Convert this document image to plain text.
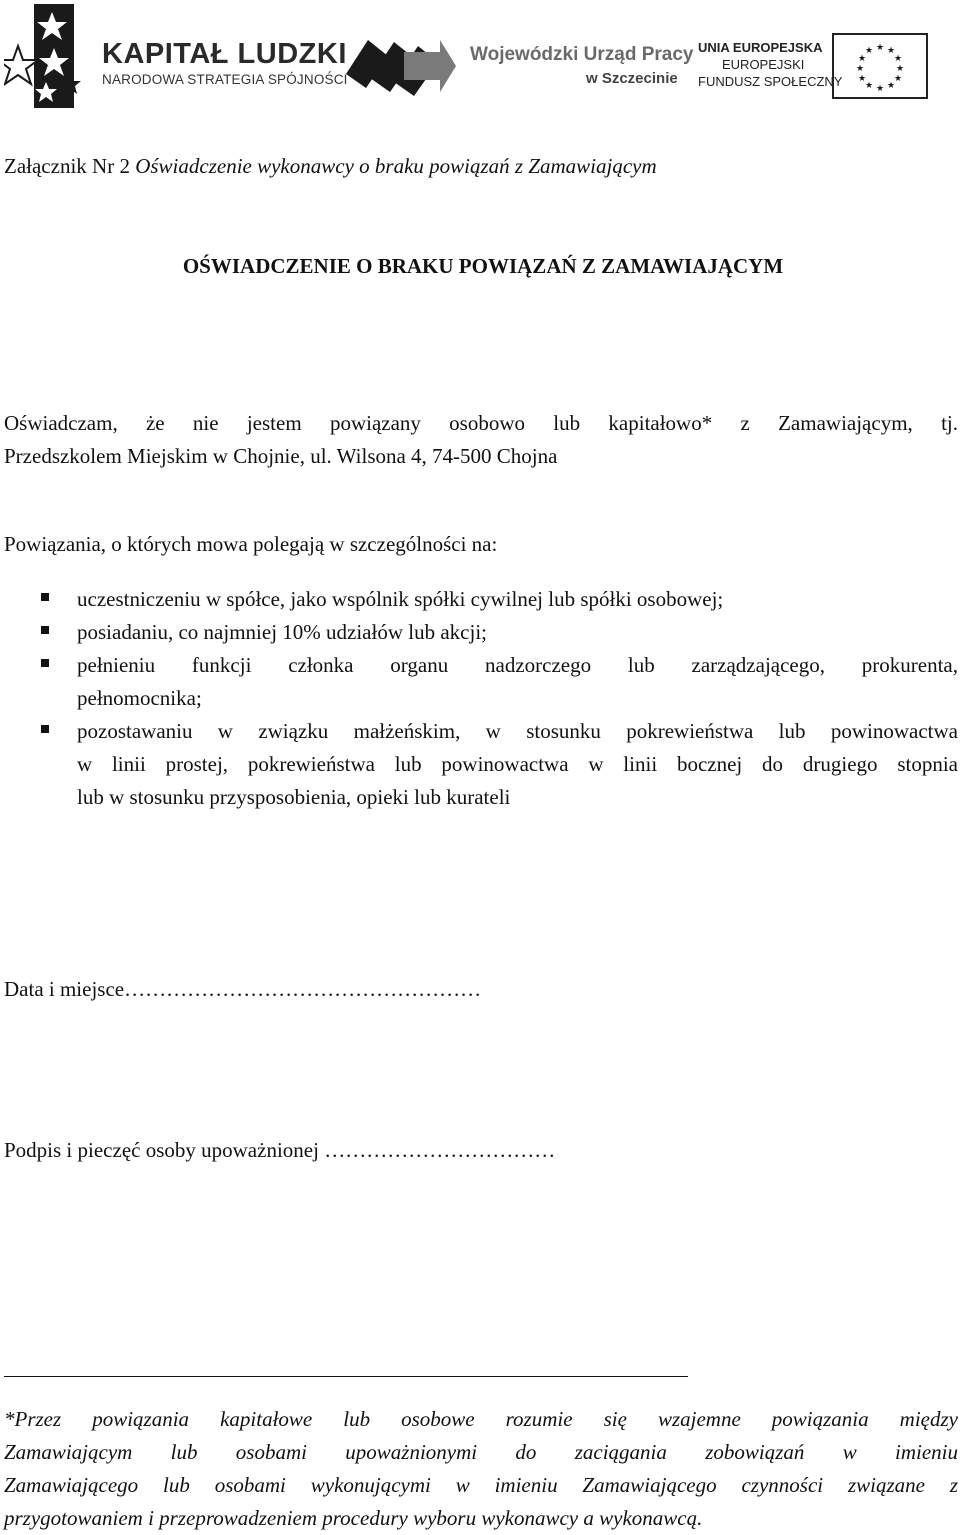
KAPITAŁ LUDZKI
NARODOWA STRATEGIA SPÓJNOŚCI
Wojewódzki Urząd Pracy
w Szczecinie
UNIA EUROPEJSKA
EUROPEJSKI
FUNDUSZ SPOŁECZNY
★ ★
★
★
★
★
★
★
★
★
★
★
Załącznik Nr 2 Oświadczenie wykonawcy o braku powiązań z Zamawiającym
OŚWIADCZENIE O BRAKU POWIĄZAŃ Z ZAMAWIAJĄCYM
Oświadczam, że nie jestem powiązany osobowo lub kapitałowo* z Zamawiającym, tj.
Przedszkolem Miejskim w Chojnie, ul. Wilsona 4, 74-500 Chojna
Powiązania, o których mowa polegają w szczególności na:
uczestniczeniu w spółce, jako wspólnik spółki cywilnej lub spółki osobowej;
posiadaniu, co najmniej 10% udziałów lub akcji;
pełnieniu funkcji członka organu nadzorczego lub zarządzającego, prokurenta,
pełnomocnika;
pozostawaniu w związku małżeńskim, w stosunku pokrewieństwa lub powinowactwa
w linii prostej, pokrewieństwa lub powinowactwa w linii bocznej do drugiego stopnia
lub w stosunku przysposobienia, opieki lub kurateli
Data i miejsce……………………………………………
Podpis i pieczęć osoby upoważnionej ……………………………
*Przez powiązania kapitałowe lub osobowe rozumie się wzajemne powiązania między
Zamawiającym lub osobami upoważnionymi do zaciągania zobowiązań w imieniu
Zamawiającego lub osobami wykonującymi w imieniu Zamawiającego czynności związane z
przygotowaniem i przeprowadzeniem procedury wyboru wykonawcy a wykonawcą.
